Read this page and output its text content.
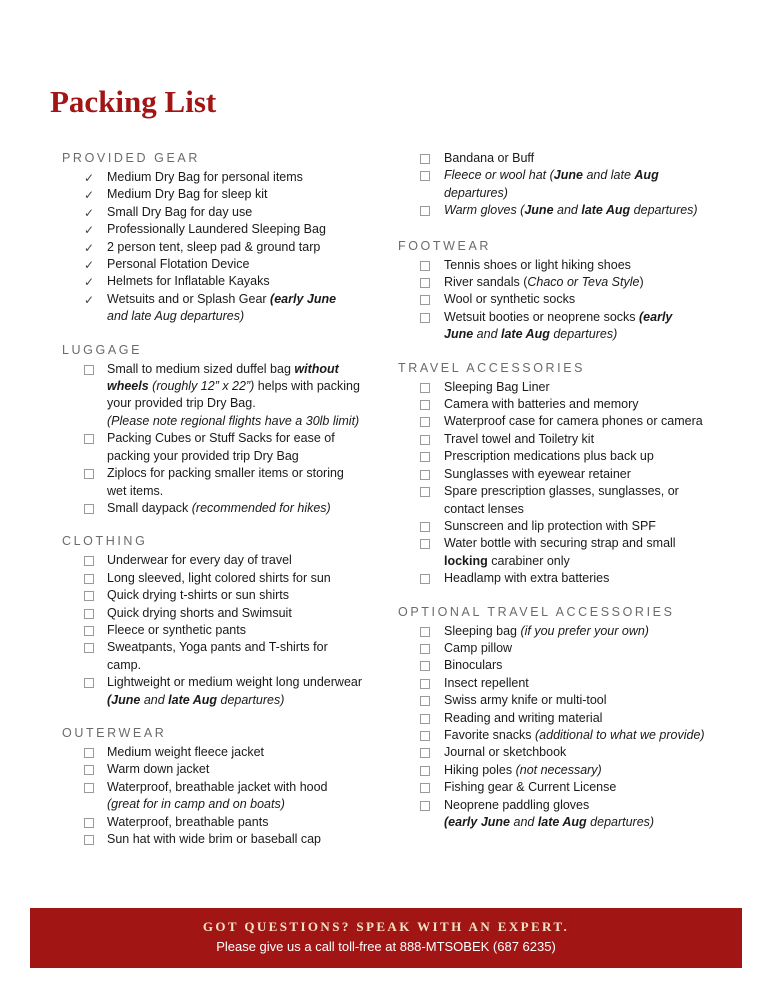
Packing List
PROVIDED GEAR
✓ Medium Dry Bag for personal items
✓ Medium Dry Bag for sleep kit
✓ Small Dry Bag for day use
✓ Professionally Laundered Sleeping Bag
✓ 2 person tent, sleep pad & ground tarp
✓ Personal Flotation Device
✓ Helmets for Inflatable Kayaks
✓ Wetsuits and or Splash Gear (early June
and late Aug departures)
LUGGAGE
Small to medium sized duffel bag without wheels (roughly 12” x 22”) helps with packing your provided trip Dry Bag.
(Please note regional flights have a 30lb limit)
Packing Cubes or Stuff Sacks for ease of packing your provided trip Dry Bag
Ziplocs for packing smaller items or storing wet items.
Small daypack (recommended for hikes)
CLOTHING
Underwear for every day of travel
Long sleeved, light colored shirts for sun
Quick drying t-shirts or sun shirts
Quick drying shorts and Swimsuit
Fleece or synthetic pants
Sweatpants, Yoga pants and T-shirts for camp.
Lightweight or medium weight long underwear (June and late Aug departures)
OUTERWEAR
Medium weight fleece jacket
Warm down jacket
Waterproof, breathable jacket with hood
(great for in camp and on boats)
Waterproof, breathable pants
Sun hat with wide brim or baseball cap
Bandana or Buff
Fleece or wool hat (June and late Aug
departures)
Warm gloves (June and late Aug departures)
FOOTWEAR
Tennis shoes or light hiking shoes
River sandals (Chaco or Teva Style)
Wool or synthetic socks
Wetsuit booties or neoprene socks (early
June and late Aug departures)
TRAVEL ACCESSORIES
Sleeping Bag Liner
Camera with batteries and memory
Waterproof case for camera phones or camera
Travel towel and Toiletry kit
Prescription medications plus back up
Sunglasses with eyewear retainer
Spare prescription glasses, sunglasses, or contact lenses
Sunscreen and lip protection with SPF
Water bottle with securing strap and small locking carabiner only
Headlamp with extra batteries
OPTIONAL TRAVEL ACCESSORIES
Sleeping bag (if you prefer your own)
Camp pillow
Binoculars
Insect repellent
Swiss army knife or multi-tool
Reading and writing material
Favorite snacks (additional to what we provide)
Journal or sketchbook
Hiking poles (not necessary)
Fishing gear & Current License
Neoprene paddling gloves
(early June and late Aug departures)
GOT QUESTIONS? SPEAK WITH AN EXPERT.
Please give us a call toll-free at 888-MTSOBEK (687 6235)
